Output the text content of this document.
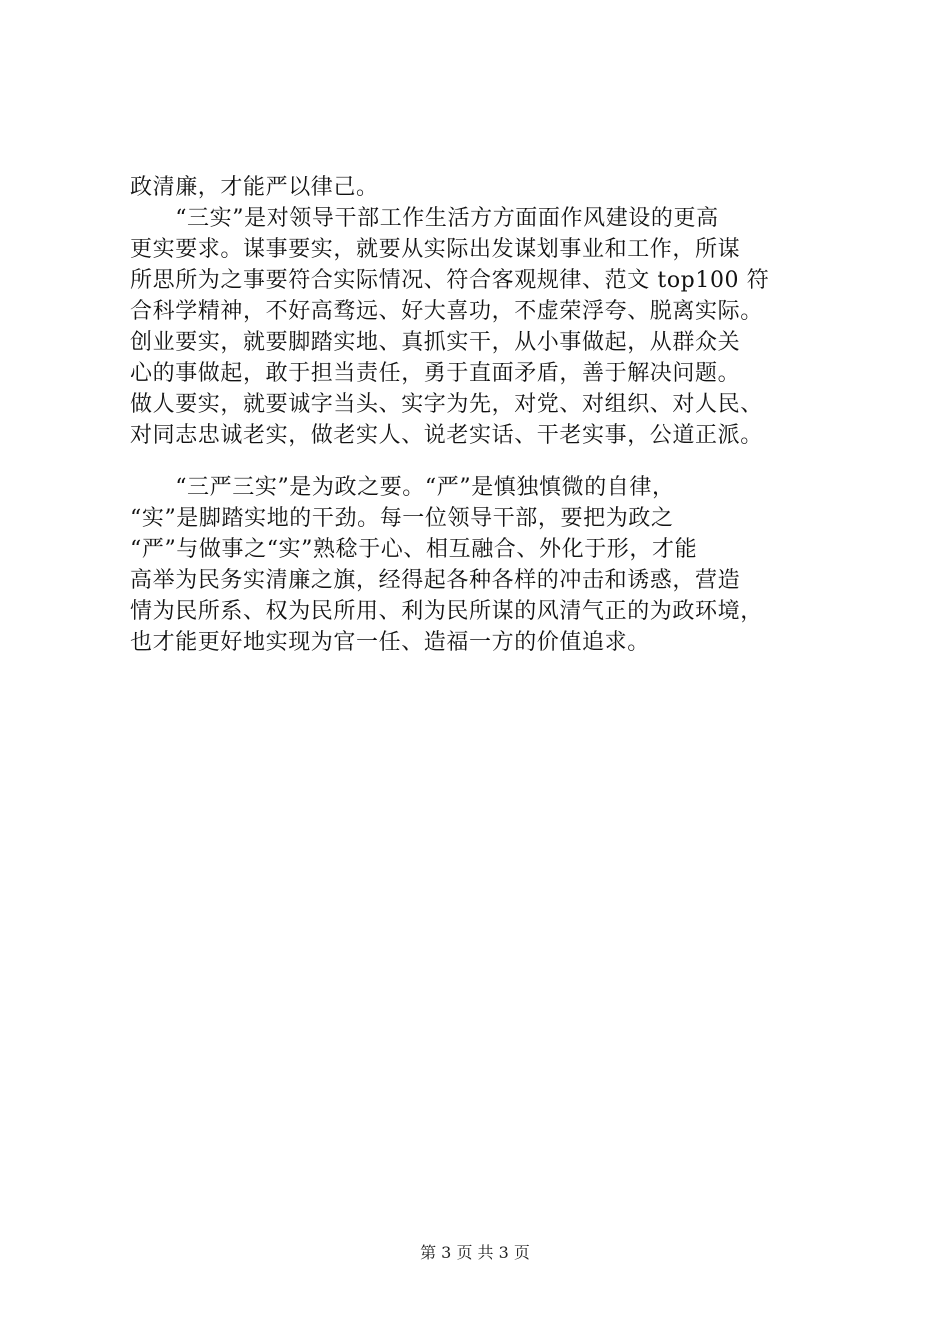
政清廉，才能严以律己。
　　“三实”是对领导干部工作生活方方面面作风建设的更高
更实要求。谋事要实，就要从实际出发谋划事业和工作，所谋
所思所为之事要符合实际情况、符合客观规律、范文 top100 符
合科学精神，不好高骛远、好大喜功，不虚荣浮夸、脱离实际。
创业要实，就要脚踏实地、真抓实干，从小事做起，从群众关
心的事做起，敢于担当责任，勇于直面矛盾，善于解决问题。
做人要实，就要诚字当头、实字为先，对党、对组织、对人民、
对同志忠诚老实，做老实人、说老实话、干老实事，公道正派。
　　“三严三实”是为政之要。“严”是慎独慎微的自律，
“实”是脚踏实地的干劲。每一位领导干部，要把为政之
“严”与做事之“实”熟稔于心、相互融合、外化于形，才能
高举为民务实清廉之旗，经得起各种各样的冲击和诱惑，营造
情为民所系、权为民所用、利为民所谋的风清气正的为政环境，
也才能更好地实现为官一任、造福一方的价值追求。
第 3 页 共 3 页
